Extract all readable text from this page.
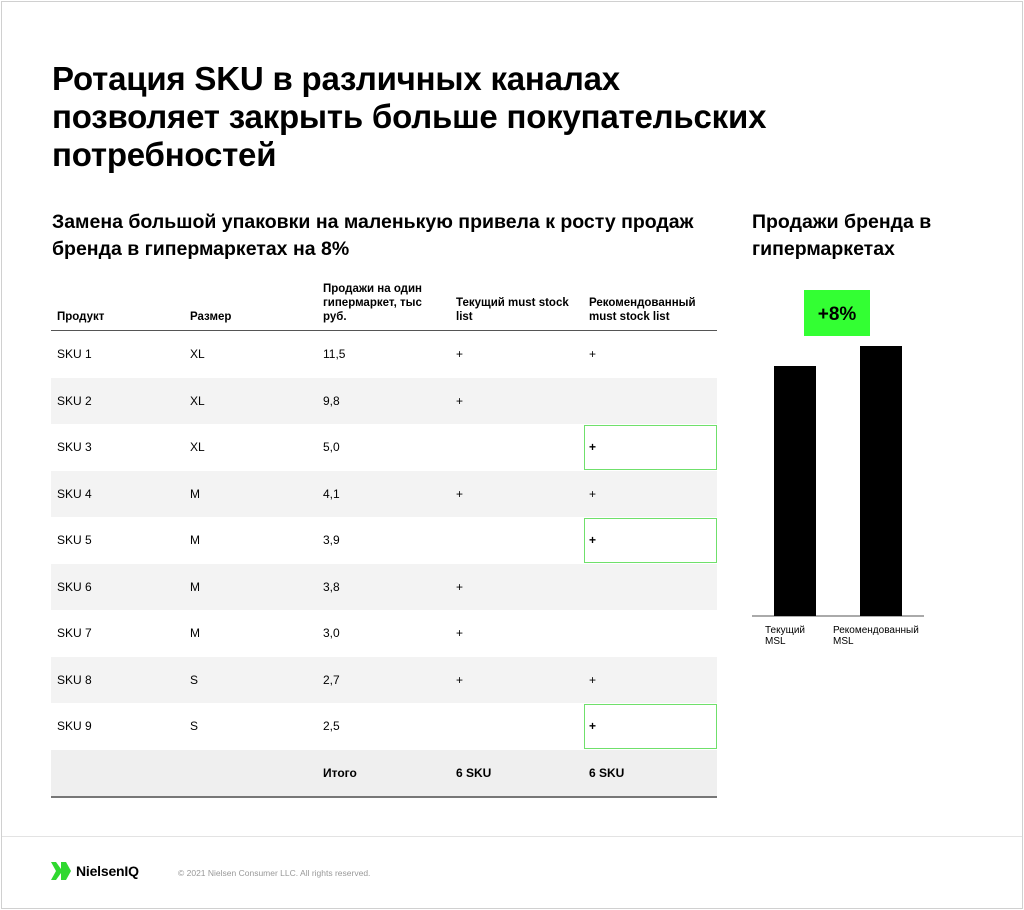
Ротация SKU в различных каналах позволяет закрыть больше покупательских потребностей
Замена большой упаковки на маленькую привела к росту продаж бренда в гипермаркетах на 8%
Продажи бренда в гипермаркетах
Продукт	Размер	Продажи на один гипермаркет, тыс руб.	Текущий must stock list	Рекомендованный must stock list
SKU 1	XL	11,5	+	+
SKU 2	XL	9,8	+	
SKU 3	XL	5,0		+
SKU 4	M	4,1	+	+
SKU 5	M	3,9		+
SKU 6	M	3,8	+	
SKU 7	M	3,0	+	
SKU 8	S	2,7	+	+
SKU 9	S	2,5		+
		Итого	6 SKU	6 SKU
Текущий MSL
Рекомендованный MSL
+8%
NielsenIQ	© 2021 Nielsen Consumer LLC. All rights reserved.
